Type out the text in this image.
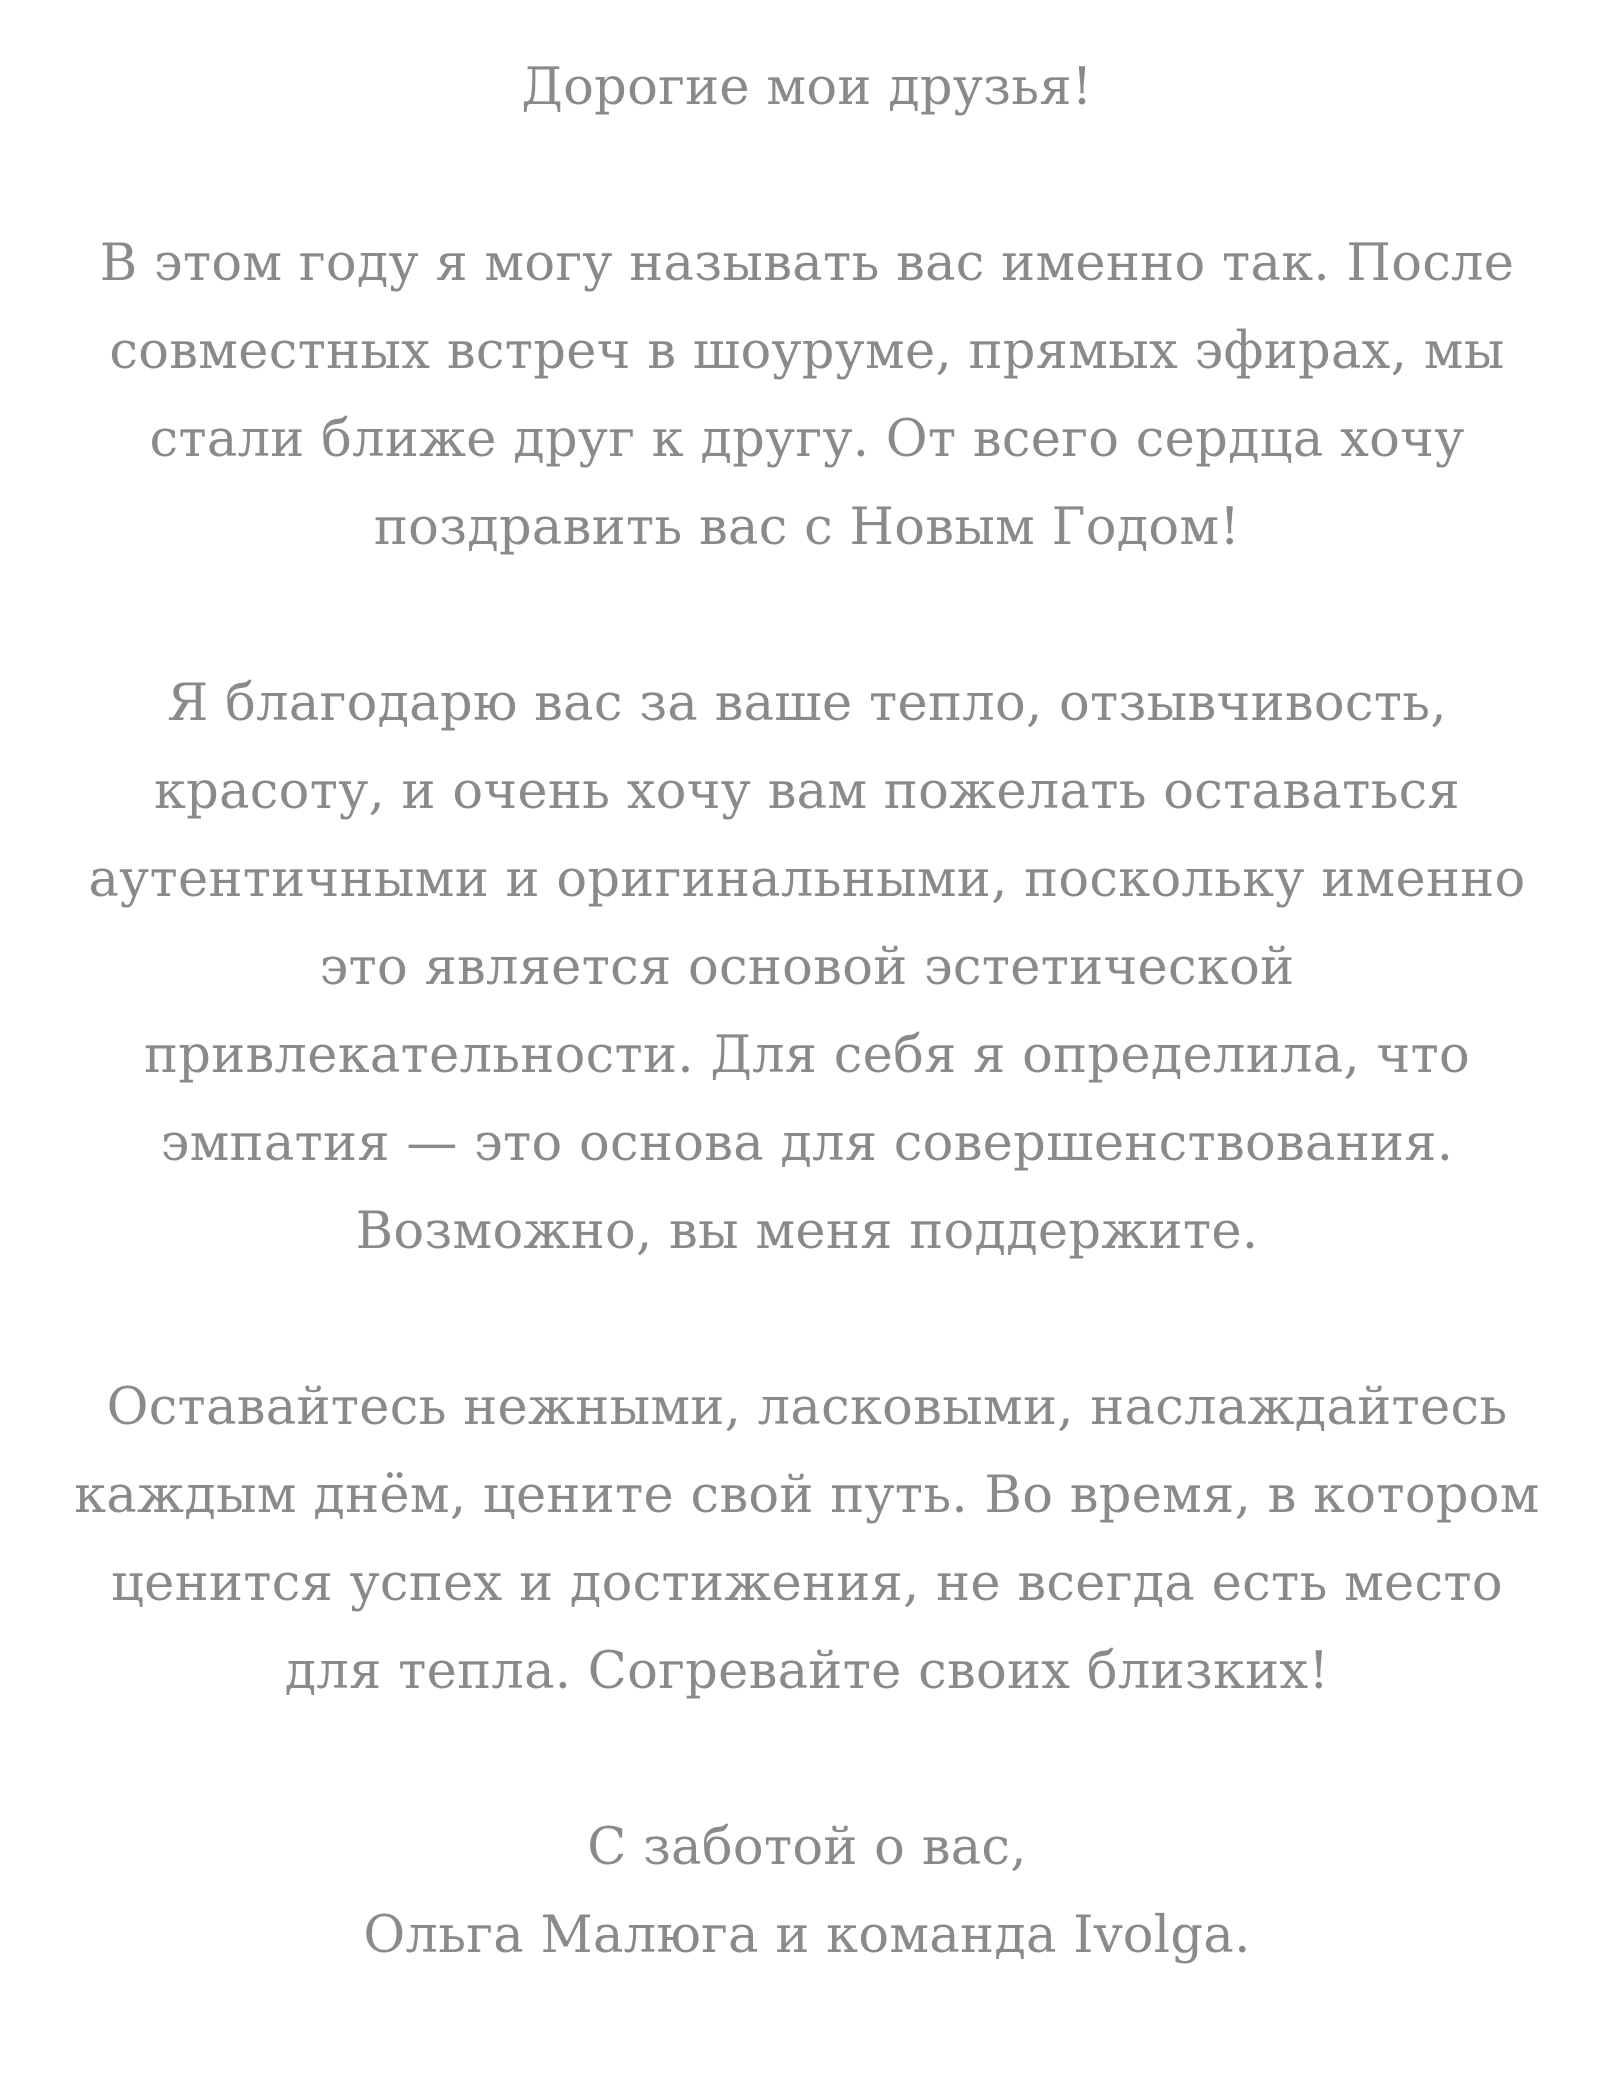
Дорогие мои друзья!
В этом году я могу называть вас именно так. После
совместных встреч в шоуруме, прямых эфирах, мы
стали ближе друг к другу. От всего сердца хочу
поздравить вас с Новым Годом!
Я благодарю вас за ваше тепло, отзывчивость,
красоту, и очень хочу вам пожелать оставаться
аутентичными и оригинальными, поскольку именно
это является основой эстетической
привлекательности. Для себя я определила, что
эмпатия — это основа для совершенствования.
Возможно, вы меня поддержите.
Оставайтесь нежными, ласковыми, наслаждайтесь
каждым днём, цените свой путь. Во время, в котором
ценится успех и достижения, не всегда есть место
для тепла. Согревайте своих близких!
С заботой о вас,
Ольга Малюга и команда Ivolga.
